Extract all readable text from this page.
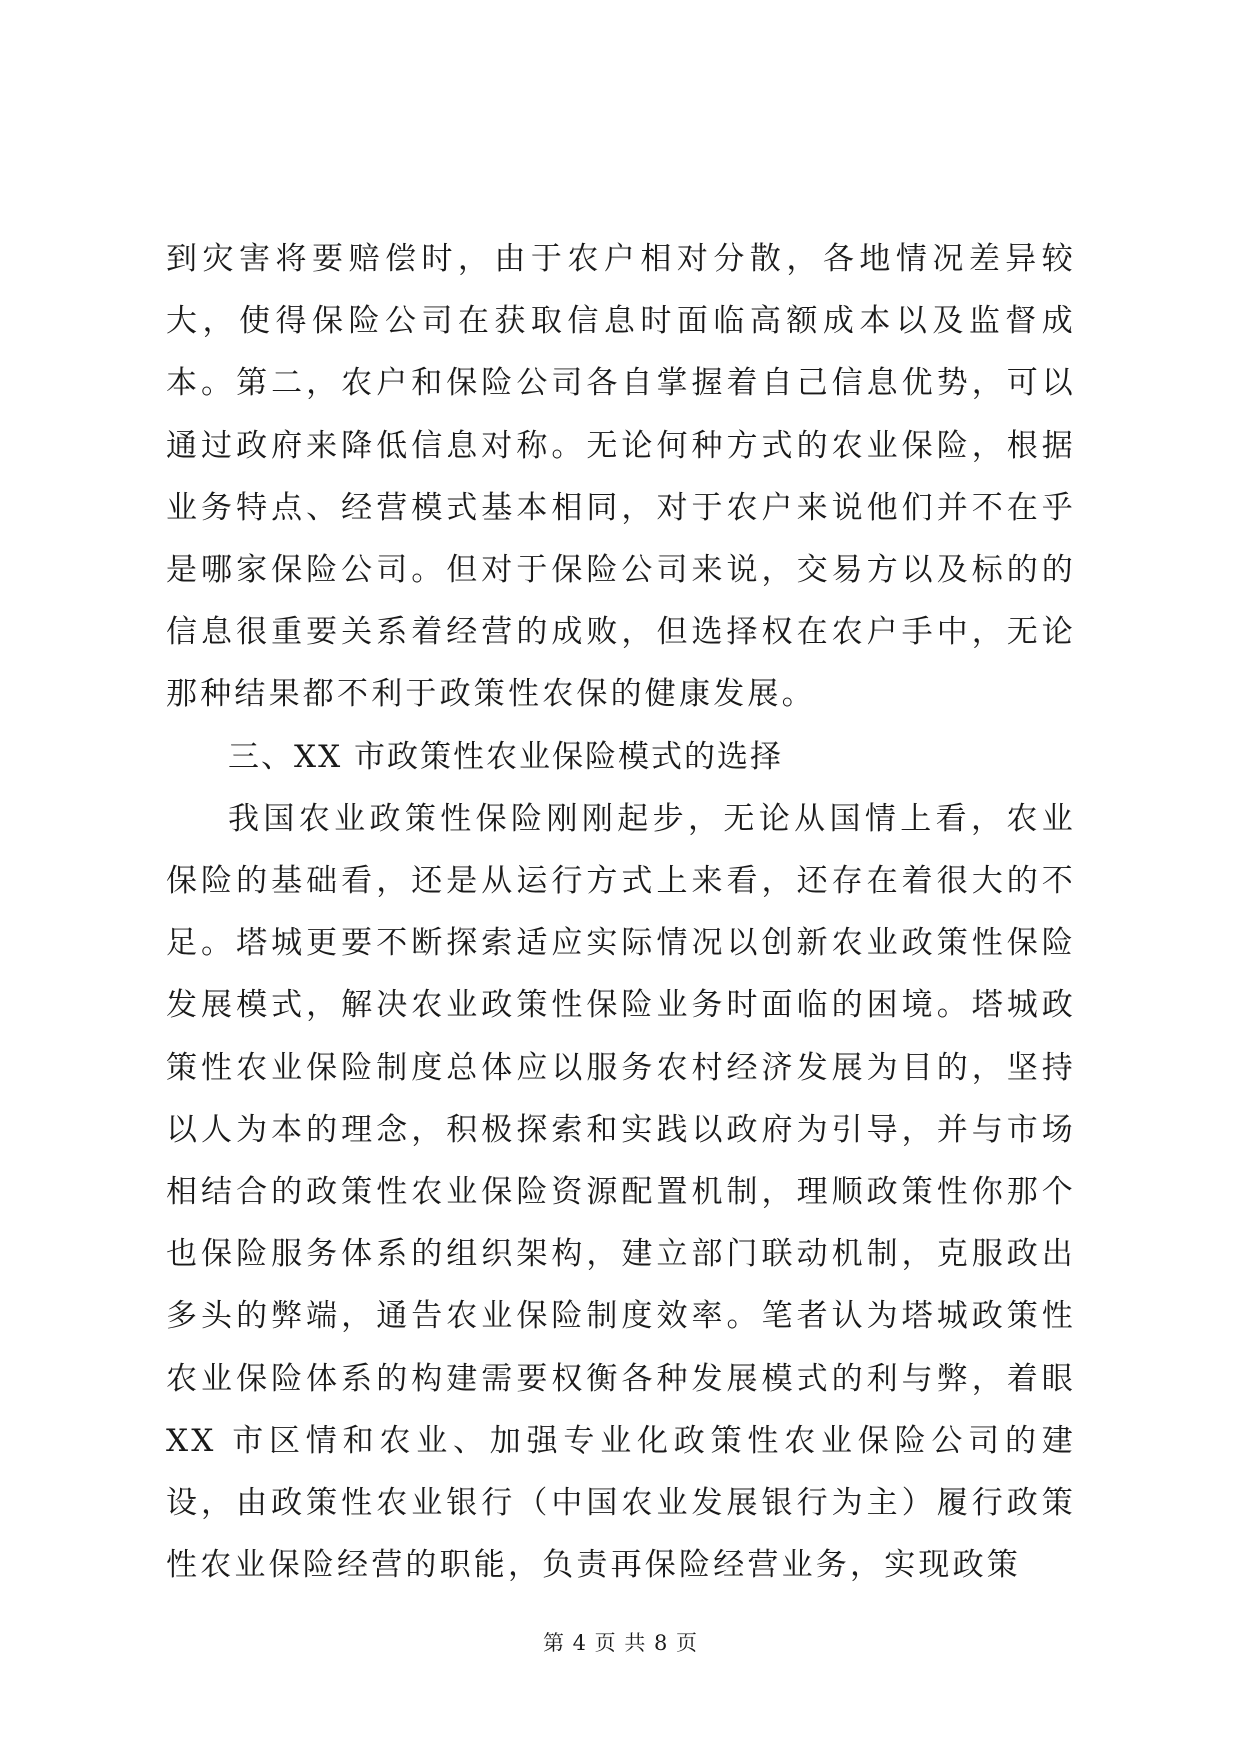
到灾害将要赔偿时，由于农户相对分散，各地情况差异较大，使得保险公司在获取信息时面临高额成本以及监督成本。第二，农户和保险公司各自掌握着自己信息优势，可以通过政府来降低信息对称。无论何种方式的农业保险，根据业务特点、经营模式基本相同，对于农户来说他们并不在乎是哪家保险公司。但对于保险公司来说，交易方以及标的的信息很重要关系着经营的成败，但选择权在农户手中，无论那种结果都不利于政策性农保的健康发展。

三、XX 市政策性农业保险模式的选择

我国农业政策性保险刚刚起步，无论从国情上看，农业保险的基础看，还是从运行方式上来看，还存在着很大的不足。塔城更要不断探索适应实际情况以创新农业政策性保险发展模式，解决农业政策性保险业务时面临的困境。塔城政策性农业保险制度总体应以服务农村经济发展为目的，坚持以人为本的理念，积极探索和实践以政府为引导，并与市场相结合的政策性农业保险资源配置机制，理顺政策性你那个也保险服务体系的组织架构，建立部门联动机制，克服政出多头的弊端，通告农业保险制度效率。笔者认为塔城政策性农业保险体系的构建需要权衡各种发展模式的利与弊，着眼 XX 市区情和农业、加强专业化政策性农业保险公司的建设，由政策性农业银行（中国农业发展银行为主）履行政策性农业保险经营的职能，负责再保险经营业务，实现政策

第 4 页 共 8 页
